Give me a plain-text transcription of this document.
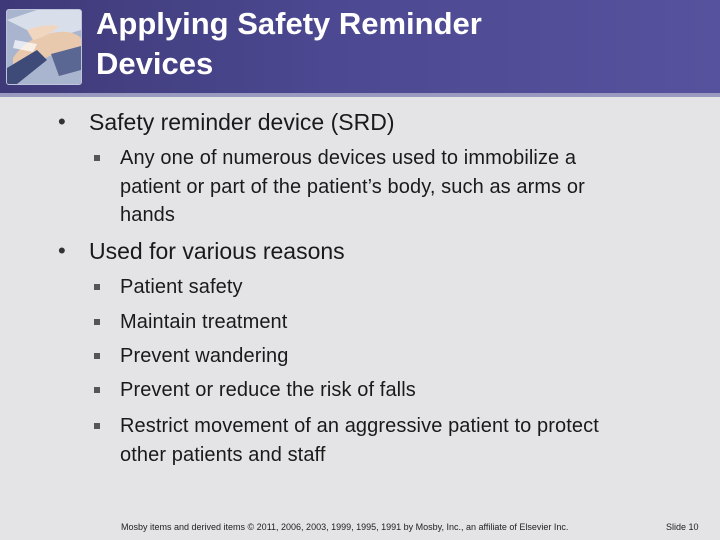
Applying Safety Reminder
Devices
• Safety reminder device (SRD)
Any one of numerous devices used to immobilize a
patient or part of the patient’s body, such as arms or
hands
• Used for various reasons
Patient safety
Maintain treatment
Prevent wandering
Prevent or reduce the risk of falls
Restrict movement of an aggressive patient to protect
other patients and staff
Mosby items and derived items © 2011, 2006, 2003, 1999, 1995, 1991 by Mosby, Inc., an affiliate of Elsevier Inc.	Slide 10
